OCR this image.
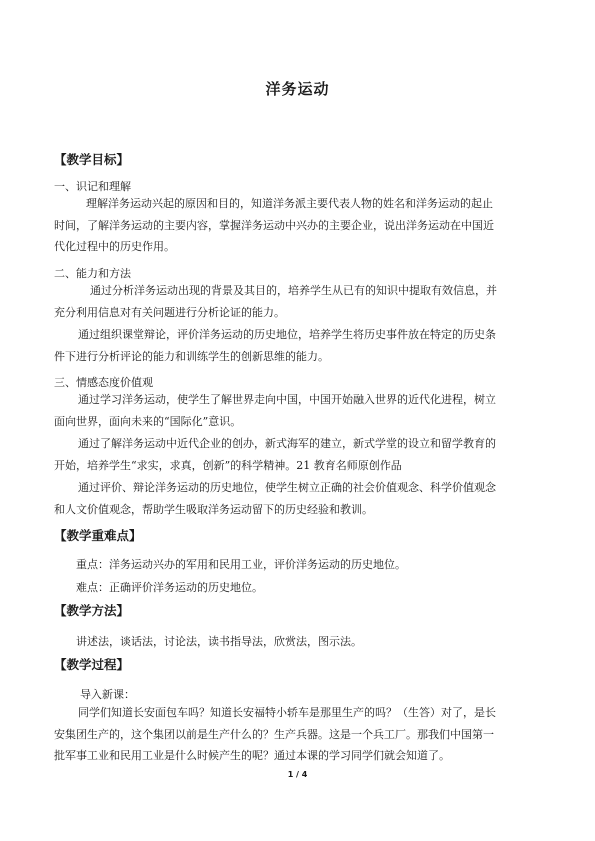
洋务运动
【教学目标】
一、识记和理解
理解洋务运动兴起的原因和目的，知道洋务派主要代表人物的姓名和洋务运动的起止
时间，了解洋务运动的主要内容，掌握洋务运动中兴办的主要企业，说出洋务运动在中国近
代化过程中的历史作用。
二、能力和方法
通过分析洋务运动出现的背景及其目的，培养学生从已有的知识中提取有效信息，并
充分利用信息对有关问题进行分析论证的能力。
通过组织课堂辩论，评价洋务运动的历史地位，培养学生将历史事件放在特定的历史条
件下进行分析评论的能力和训练学生的创新思维的能力。
三、情感态度价值观
通过学习洋务运动，使学生了解世界走向中国，中国开始融入世界的近代化进程，树立
面向世界，面向未来的“国际化”意识。
通过了解洋务运动中近代企业的创办，新式海军的建立，新式学堂的设立和留学教育的
开始，培养学生“求实，求真，创新”的科学精神。21 教育名师原创作品
通过评价、辩论洋务运动的历史地位，使学生树立正确的社会价值观念、科学价值观念
和人文价值观念，帮助学生吸取洋务运动留下的历史经验和教训。
【教学重难点】
重点：洋务运动兴办的军用和民用工业，评价洋务运动的历史地位。
难点：正确评价洋务运动的历史地位。
【教学方法】
讲述法，谈话法，讨论法，读书指导法，欣赏法，图示法。
【教学过程】
导入新课：
同学们知道长安面包车吗？知道长安福特小轿车是那里生产的吗？（生答）对了，是长
安集团生产的，这个集团以前是生产什么的？生产兵器。这是一个兵工厂。那我们中国第一
批军事工业和民用工业是什么时候产生的呢？通过本课的学习同学们就会知道了。
1 / 4
